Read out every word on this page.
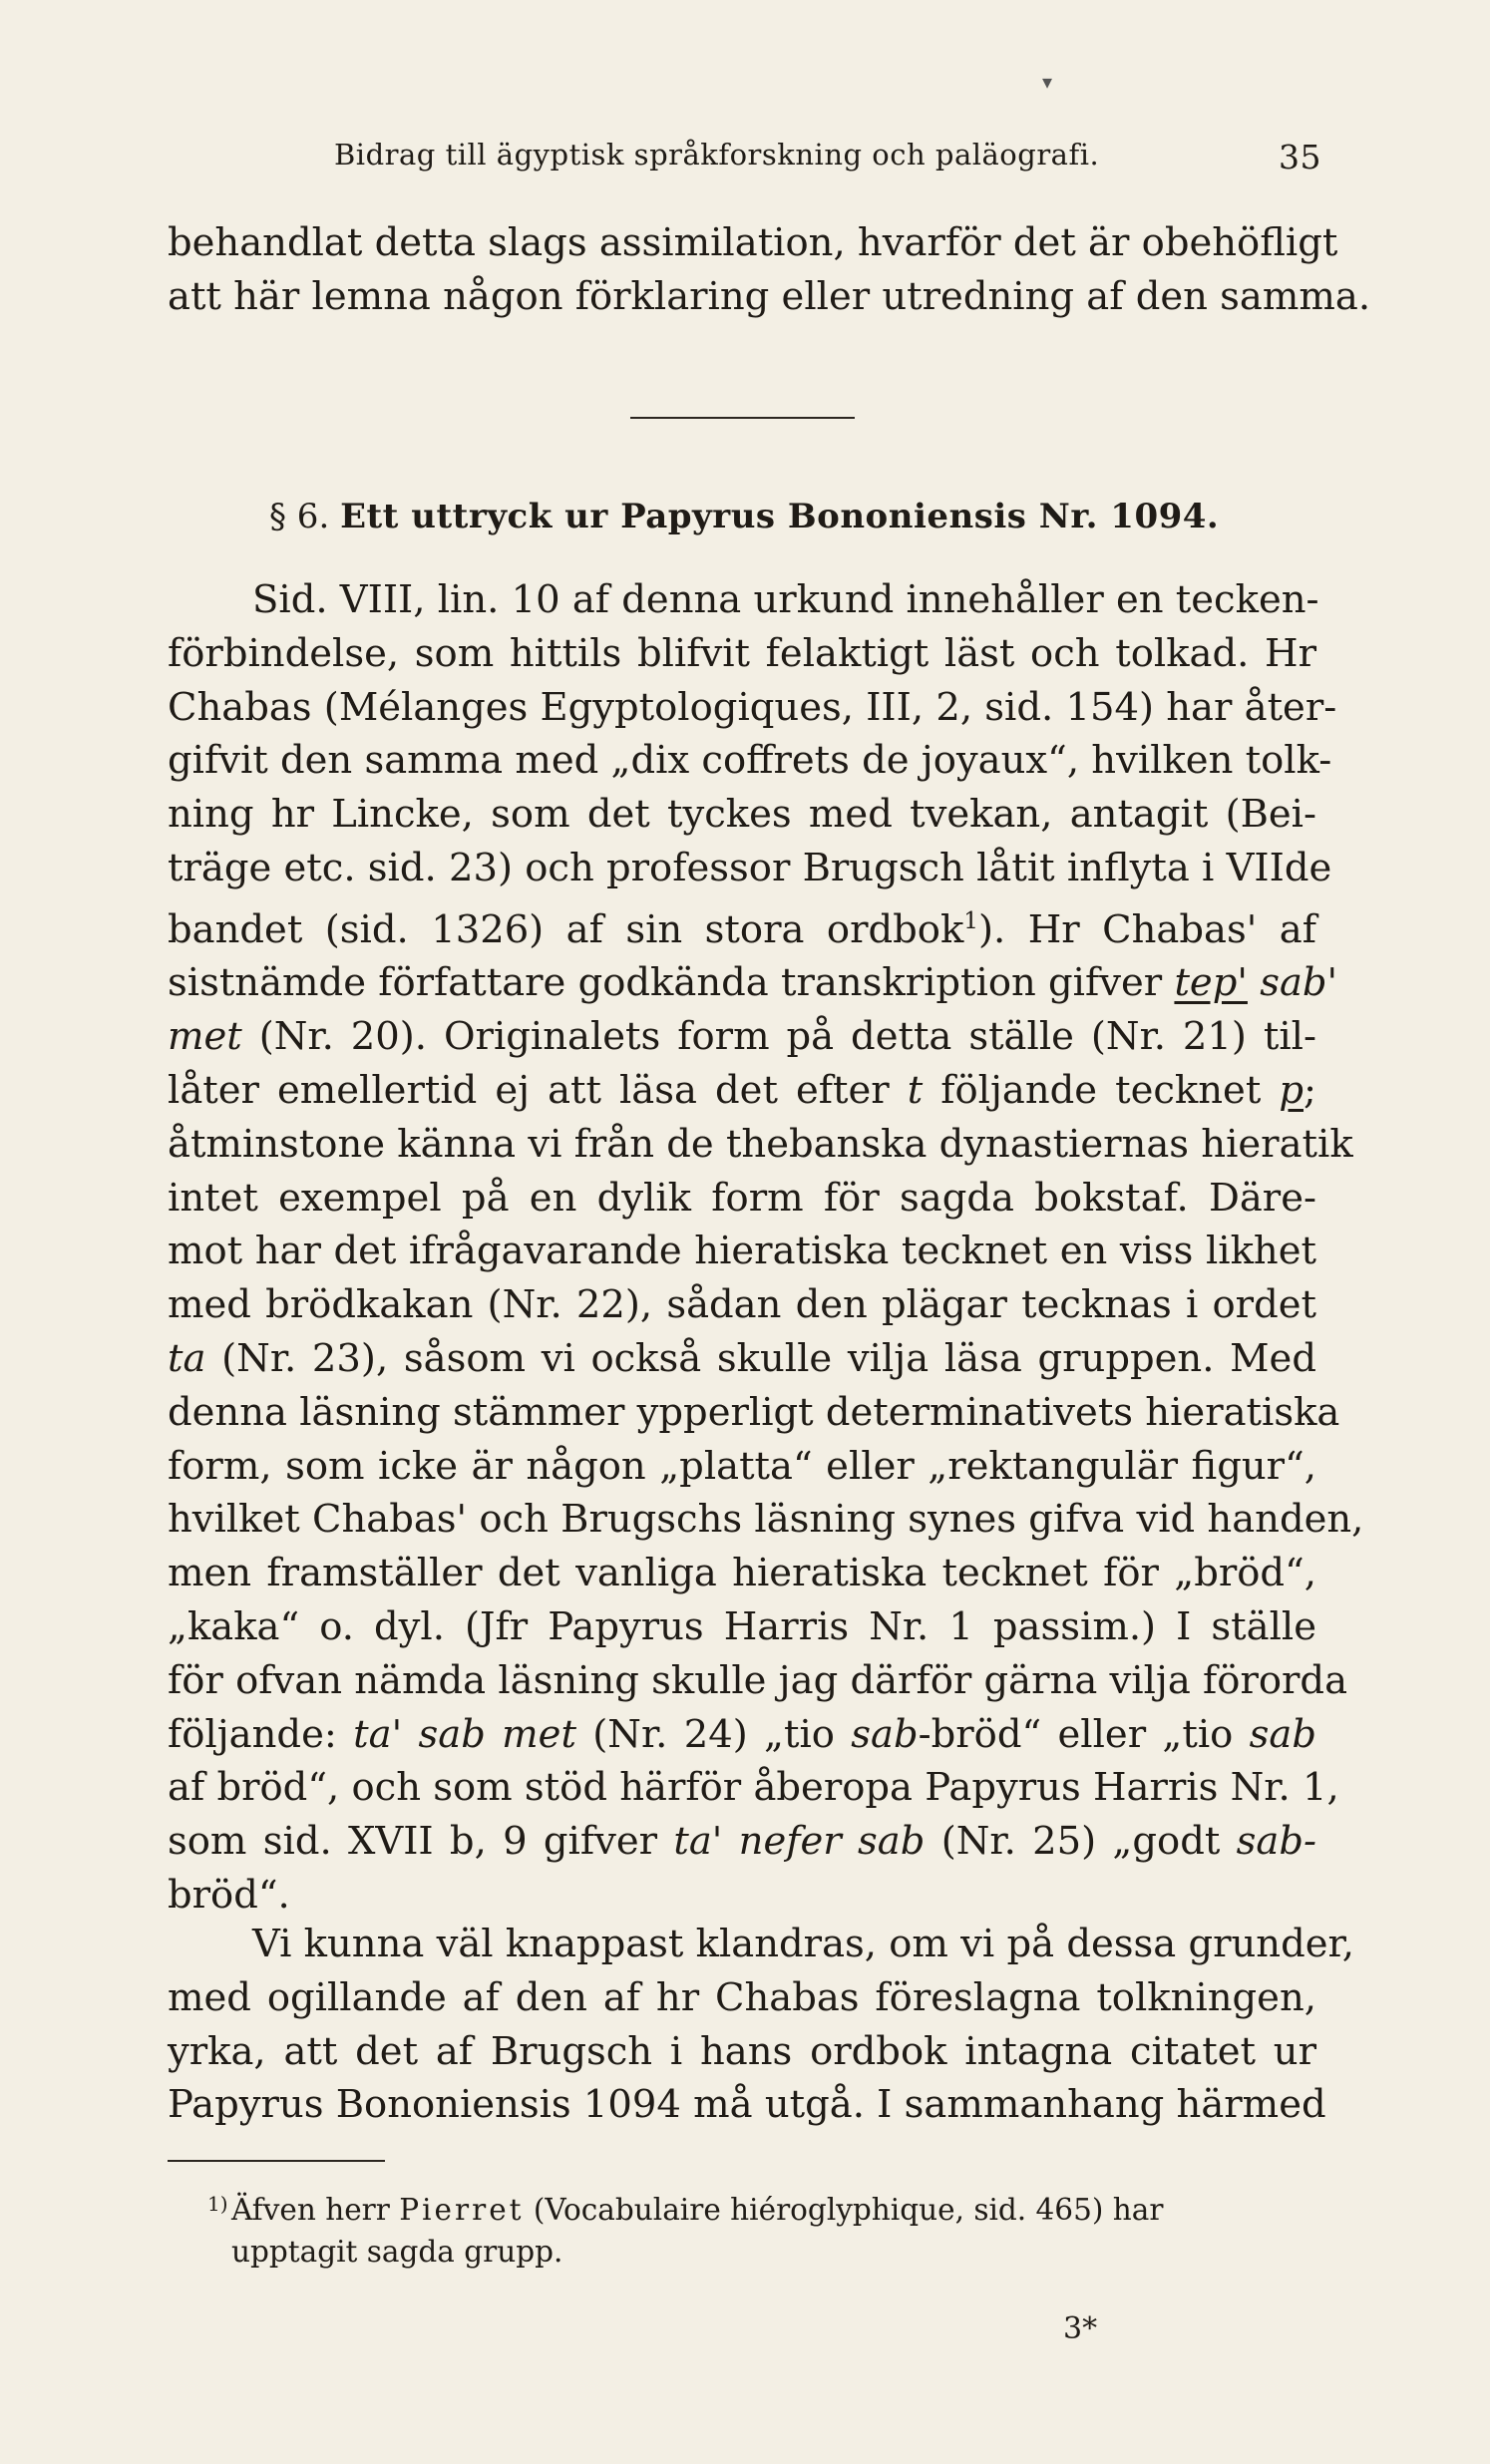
▾
Bidrag till ägyptisk språkforskning och paläografi.	35
behandlat detta slags assimilation, hvarför det är obehöfligt
att här lemna någon förklaring eller utredning af den samma.
§ 6. Ett uttryck ur Papyrus Bononiensis Nr. 1094.
Sid. VIII, lin. 10 af denna urkund innehåller en tecken-
förbindelse, som hittils blifvit felaktigt läst och tolkad. Hr
Chabas (Mélanges Egyptologiques, III, 2, sid. 154) har åter-
gifvit den samma med „dix coffrets de joyaux“, hvilken tolk-
ning hr Lincke, som det tyckes med tvekan, antagit (Bei-
träge etc. sid. 23) och professor Brugsch låtit inflyta i VIIde
bandet (sid. 1326) af sin stora ordbok$^1$). Hr Chabas' af
sistnämde författare godkända transkription gifver tep' sab'
met (Nr. 20). Originalets form på detta ställe (Nr. 21) til-
låter emellertid ej att läsa det efter t följande tecknet p;
åtminstone känna vi från de thebanska dynastiernas hieratik
intet exempel på en dylik form för sagda bokstaf. Däre-
mot har det ifrågavarande hieratiska tecknet en viss likhet
med brödkakan (Nr. 22), sådan den plägar tecknas i ordet
ta (Nr. 23), såsom vi också skulle vilja läsa gruppen. Med
denna läsning stämmer ypperligt determinativets hieratiska
form, som icke är någon „platta“ eller „rektangulär figur“,
hvilket Chabas' och Brugschs läsning synes gifva vid handen,
men framställer det vanliga hieratiska tecknet för „bröd“,
„kaka“ o. dyl. (Jfr Papyrus Harris Nr. 1 passim.) I ställe
för ofvan nämda läsning skulle jag därför gärna vilja förorda
följande: ta' sab met (Nr. 24) „tio sab-bröd“ eller „tio sab
af bröd“, och som stöd härför åberopa Papyrus Harris Nr. 1,
som sid. XVII b, 9 gifver ta' nefer sab (Nr. 25) „godt sab-
bröd“.
Vi kunna väl knappast klandras, om vi på dessa grunder,
med ogillande af den af hr Chabas föreslagna tolkningen,
yrka, att det af Brugsch i hans ordbok intagna citatet ur
Papyrus Bononiensis 1094 må utgå. I sammanhang härmed
1) Äfven herr Pierret (Vocabulaire hiéroglyphique, sid. 465) har
upptagit sagda grupp.
3*
